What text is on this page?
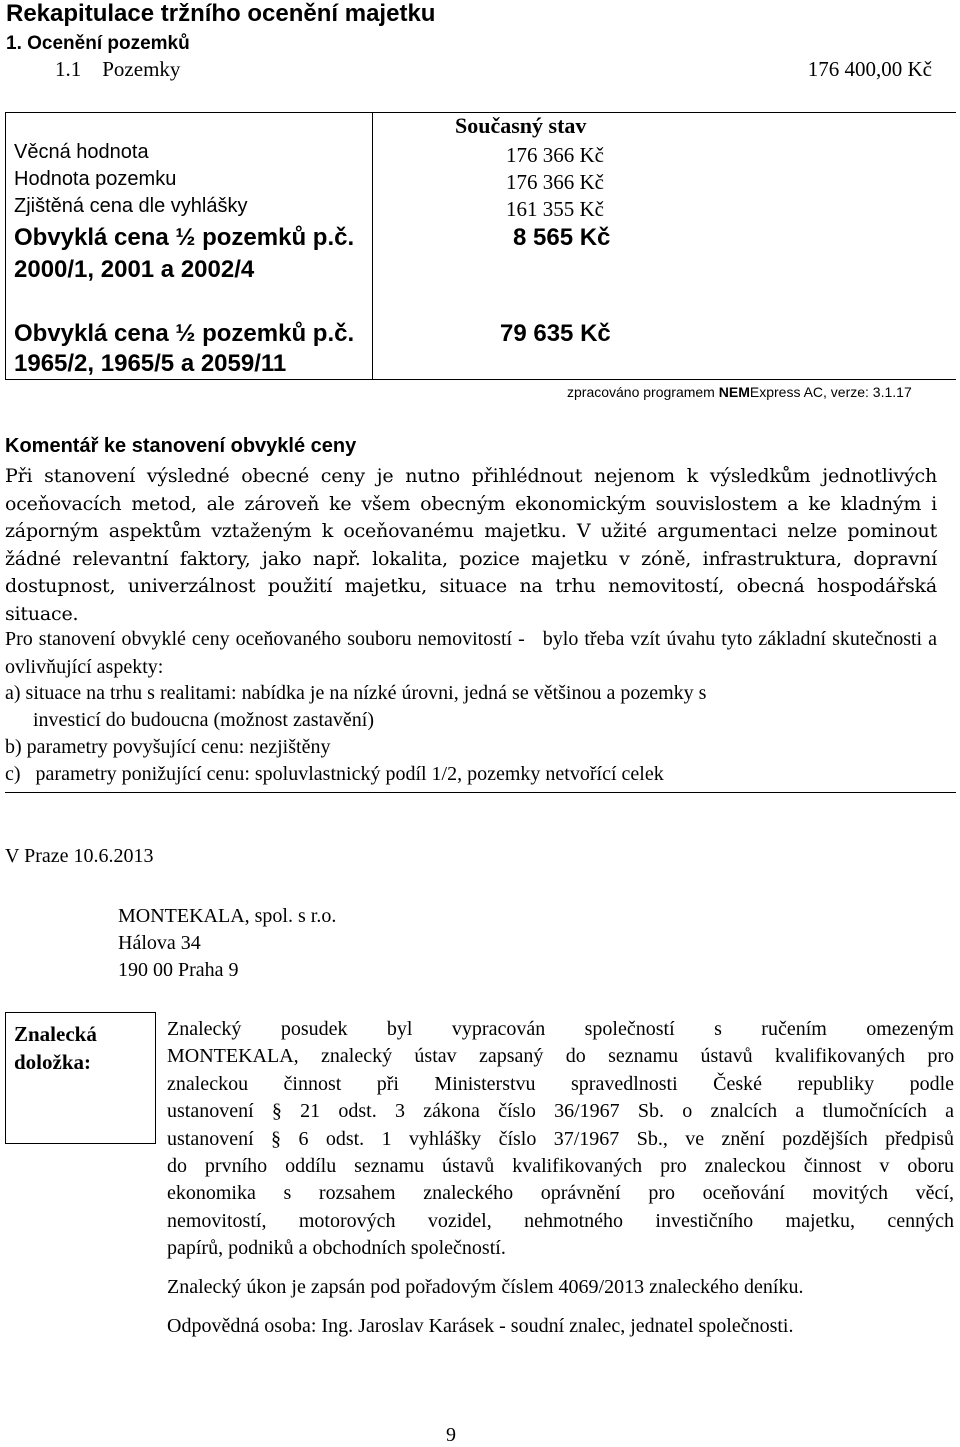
Rekapitulace tržního ocenění majetku
1. Ocenění pozemků
1.1    Pozemky	176 400,00 Kč
Věcná hodnota
Hodnota pozemku
Zjištěná cena dle vyhlášky
Obvyklá cena ½ pozemků p.č.
2000/1, 2001 a 2002/4
Obvyklá cena ½ pozemků p.č.
1965/2, 1965/5 a 2059/11
Současný stav
176 366 Kč
176 366 Kč
161 355 Kč
8 565 Kč
79 635 Kč
zpracováno programem NEMExpress AC, verze: 3.1.17
Komentář ke stanovení obvyklé ceny
Při stanovení výsledné obecné ceny je nutno přihlédnout nejenom k výsledkům jednotlivých oceňovacích metod, ale zároveň ke všem obecným ekonomickým souvislostem a ke kladným i záporným aspektům vztaženým k oceňovanému majetku. V užité argumentaci nelze pominout žádné relevantní faktory, jako např. lokalita, pozice majetku v zóně, infrastruktura, dopravní dostupnost, univerzálnost použití majetku, situace na trhu nemovitostí, obecná hospodářská situace.
Pro stanovení obvyklé ceny oceňovaného souboru nemovitostí -   bylo třeba vzít úvahu tyto základní skutečnosti a ovlivňující aspekty:
a) situace na trhu s realitami: nabídka je na nízké úrovni, jedná se většinou a pozemky s
investicí do budoucna (možnost zastavění)
b) parametry povyšující cenu: nezjištěny
c)   parametry ponižující cenu: spoluvlastnický podíl 1/2, pozemky netvořící celek
V Praze 10.6.2013
MONTEKALA, spol. s r.o.
Hálova 34
190 00 Praha 9
Znalecká doložka:
Znalecký posudek byl vypracován společností s ručením omezeným
MONTEKALA, znalecký ústav zapsaný do seznamu ústavů kvalifikovaných pro
znaleckou činnost při Ministerstvu spravedlnosti České republiky podle
ustanovení § 21 odst. 3 zákona číslo 36/1967 Sb. o znalcích a tlumočnících a
ustanovení § 6 odst. 1 vyhlášky číslo 37/1967 Sb., ve znění pozdějších předpisů
do prvního oddílu seznamu ústavů kvalifikovaných pro znaleckou činnost v oboru
ekonomika s rozsahem znaleckého oprávnění pro oceňování movitých věcí,
nemovitostí, motorových vozidel, nehmotného investičního majetku, cenných
papírů, podniků a obchodních společností.
Znalecký úkon je zapsán pod pořadovým číslem 4069/2013 znaleckého deníku.
Odpovědná osoba: Ing. Jaroslav Karásek - soudní znalec, jednatel společnosti.
9
